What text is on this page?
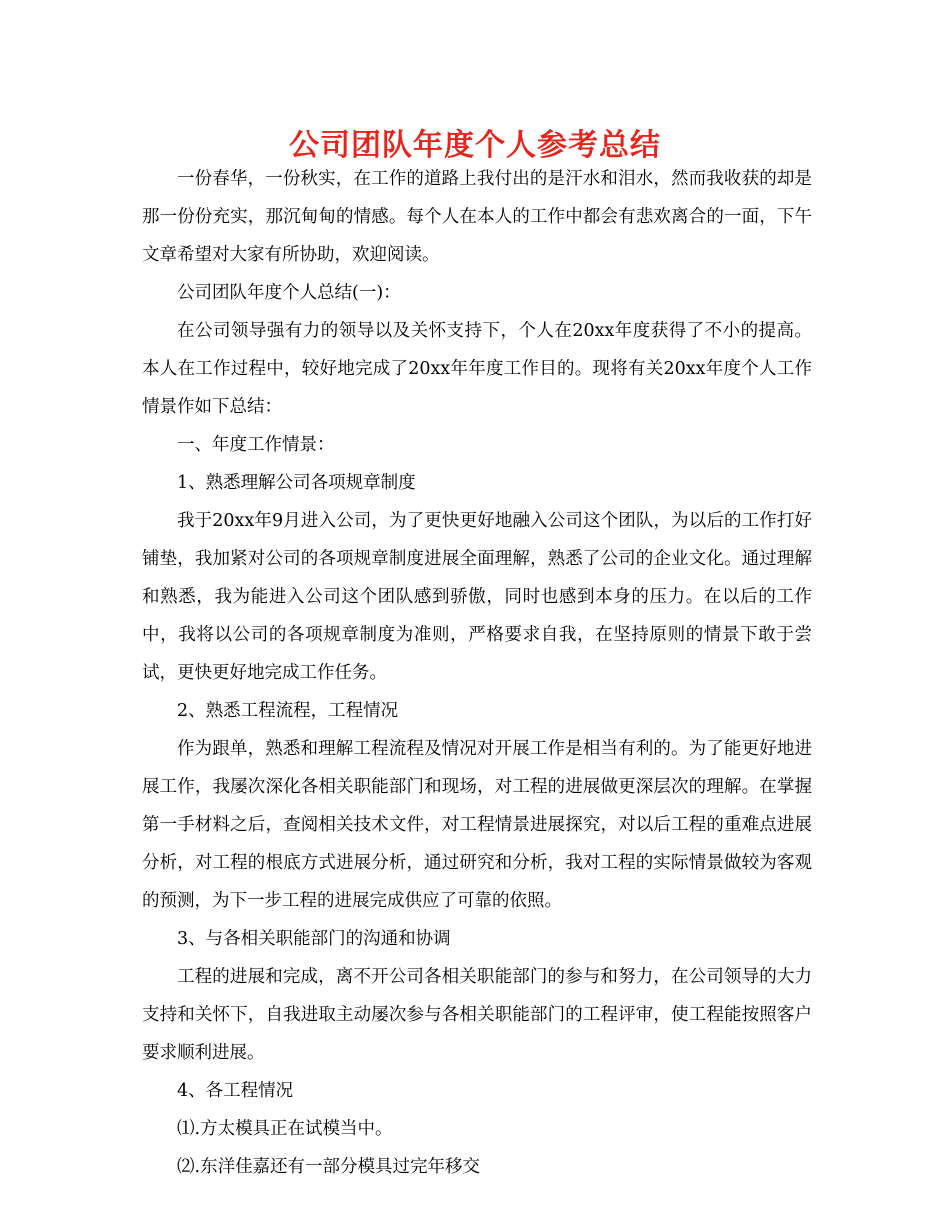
公司团队年度个人参考总结

一份春华，一份秋实，在工作的道路上我付出的是汗水和泪水，然而我收获的却是那一份份充实，那沉甸甸的情感。每个人在本人的工作中都会有悲欢离合的一面，下午文章希望对大家有所协助，欢迎阅读。

公司团队年度个人总结(一)：

在公司领导强有力的领导以及关怀支持下，个人在20xx年度获得了不小的提高。本人在工作过程中，较好地完成了20xx年年度工作目的。现将有关20xx年度个人工作情景作如下总结：

一、年度工作情景：

1、熟悉理解公司各项规章制度

我于20xx年9月进入公司，为了更快更好地融入公司这个团队，为以后的工作打好铺垫，我加紧对公司的各项规章制度进展全面理解，熟悉了公司的企业文化。通过理解和熟悉，我为能进入公司这个团队感到骄傲，同时也感到本身的压力。在以后的工作中，我将以公司的各项规章制度为准则，严格要求自我，在坚持原则的情景下敢于尝试，更快更好地完成工作任务。

2、熟悉工程流程，工程情况

作为跟单，熟悉和理解工程流程及情况对开展工作是相当有利的。为了能更好地进展工作，我屡次深化各相关职能部门和现场，对工程的进展做更深层次的理解。在掌握第一手材料之后，查阅相关技术文件，对工程情景进展探究，对以后工程的重难点进展分析，对工程的根底方式进展分析，通过研究和分析，我对工程的实际情景做较为客观的预测，为下一步工程的进展完成供应了可靠的依照。

3、与各相关职能部门的沟通和协调

工程的进展和完成，离不开公司各相关职能部门的参与和努力，在公司领导的大力支持和关怀下，自我进取主动屡次参与各相关职能部门的工程评审，使工程能按照客户要求顺利进展。

4、各工程情况

⑴.方太模具正在试模当中。

⑵.东洋佳嘉还有一部分模具过完年移交
